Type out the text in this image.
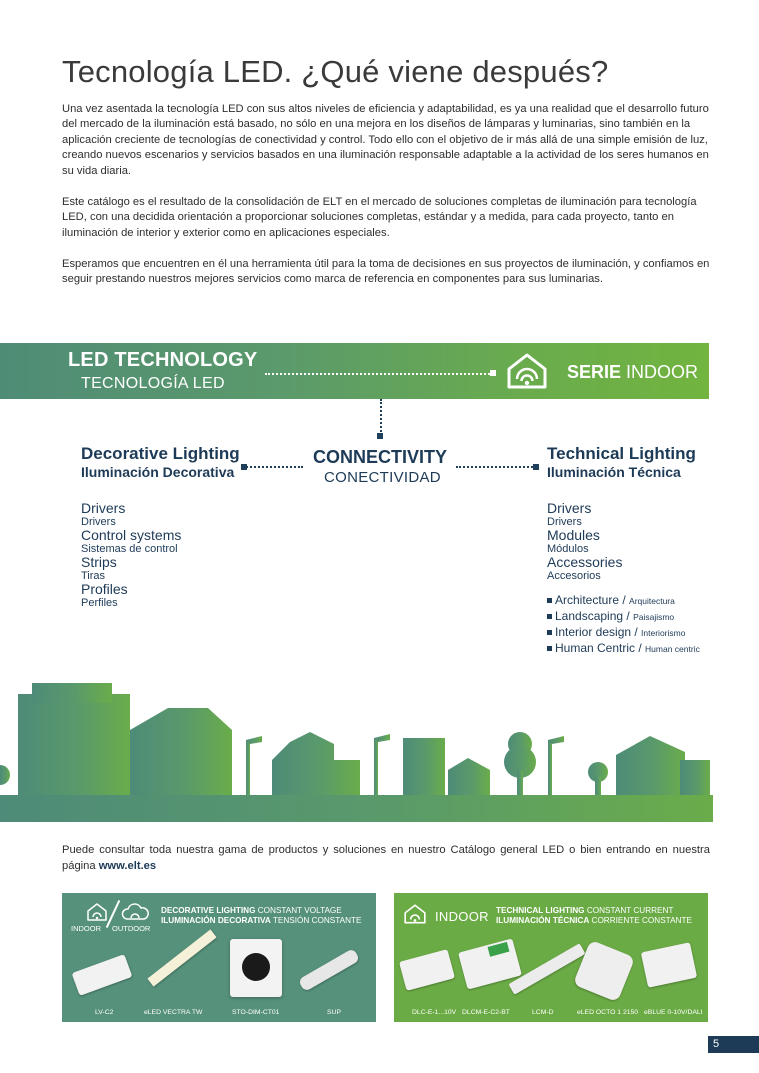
Tecnología LED. ¿Qué viene después?

Una vez asentada la tecnología LED con sus altos niveles de eficiencia y adaptabilidad, es ya una realidad que el desarrollo futuro del mercado de la iluminación está basado, no sólo en una mejora en los diseños de lámparas y luminarias, sino también en la aplicación creciente de tecnologías de conectividad y control. Todo ello con el objetivo de ir más allá de una simple emisión de luz, creando nuevos escenarios y servicios basados en una iluminación responsable adaptable a la actividad de los seres humanos en su vida diaria.

Este catálogo es el resultado de la consolidación de ELT en el mercado de soluciones completas de iluminación para tecnología LED, con una decidida orientación a proporcionar soluciones completas, estándar y a medida, para cada proyecto, tanto en iluminación de interior y exterior como en aplicaciones especiales.

Esperamos que encuentren en él una herramienta útil para la toma de decisiones en sus proyectos de iluminación, y confiamos en seguir prestando nuestros mejores servicios como marca de referencia en componentes para sus luminarias.

LED TECHNOLOGY
TECNOLOGÍA LED
SERIE INDOOR
CONNECTIVITY
CONECTIVIDAD
Decorative Lighting
Iluminación Decorativa
Technical Lighting
Iluminación Técnica
Drivers
Drivers
Control systems
Sistemas de control
Strips
Tiras
Profiles
Perfiles
Drivers
Drivers
Modules
Módulos
Accessories
Accesorios
Architecture / Arquitectura
Landscaping / Paisajismo
Interior design / Interiorismo
Human Centric / Human centric

Puede consultar toda nuestra gama de productos y soluciones en nuestro Catálogo general LED o bien entrando en nuestra página www.elt.es

INDOOR OUTDOOR
DECORATIVE LIGHTING CONSTANT VOLTAGE
ILUMINACIÓN DECORATIVA TENSIÓN CONSTANTE
LV-C2	eLED VECTRA TW	STO-DIM-CT01	SUP
INDOOR TECHNICAL LIGHTING CONSTANT CURRENT
ILUMINACIÓN TÉCNICA CORRIENTE CONSTANTE
DLC-E-1...10V DLCM-E-C2-BT	LCM-D	eLED OCTO 1 2150 eBLUE 0-10V/DALI
5
